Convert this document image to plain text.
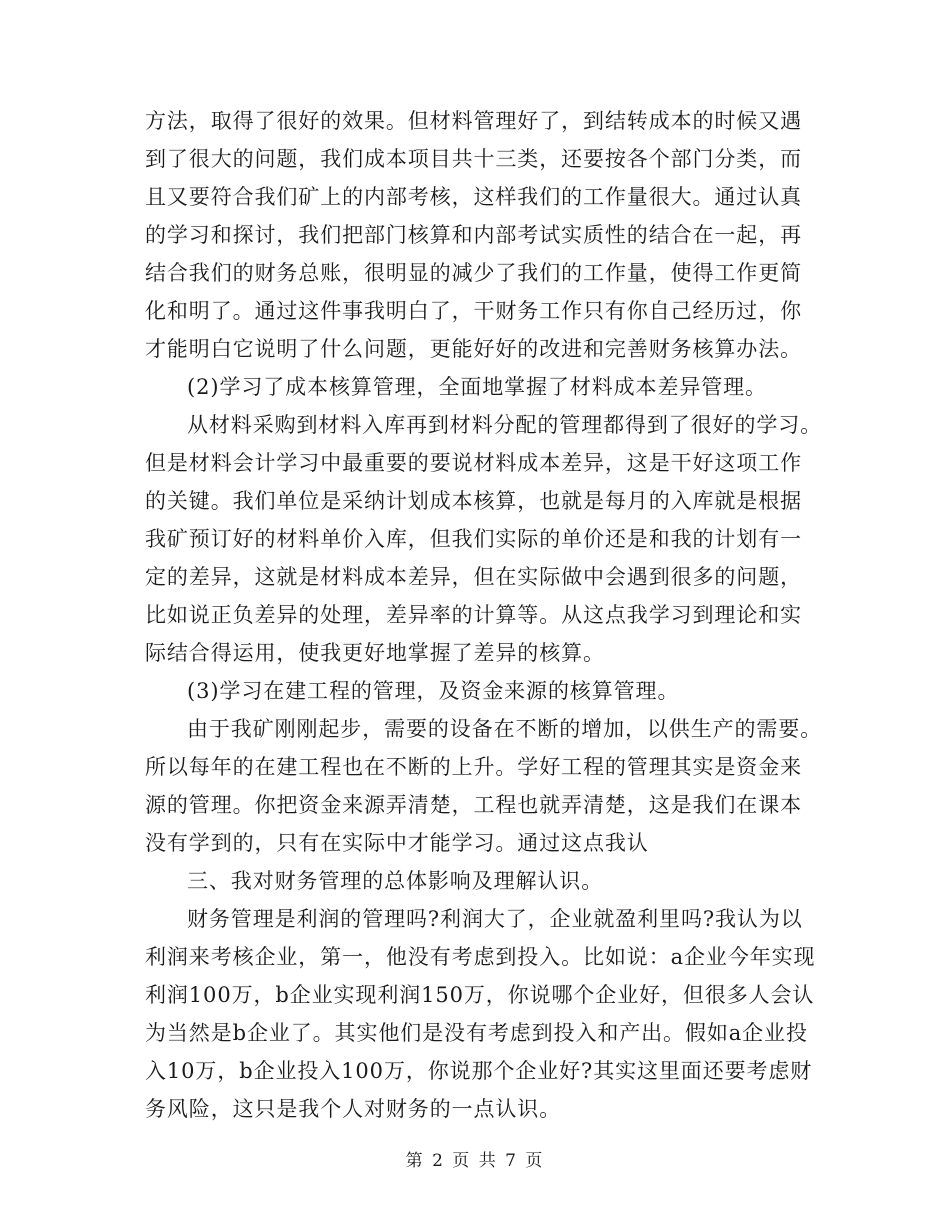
方法，取得了很好的效果。但材料管理好了，到结转成本的时候又遇
到了很大的问题，我们成本项目共十三类，还要按各个部门分类，而
且又要符合我们矿上的内部考核，这样我们的工作量很大。通过认真
的学习和探讨，我们把部门核算和内部考试实质性的结合在一起，再
结合我们的财务总账，很明显的减少了我们的工作量，使得工作更简
化和明了。通过这件事我明白了，干财务工作只有你自己经历过，你
才能明白它说明了什么问题，更能好好的改进和完善财务核算办法。
(2)学习了成本核算管理，全面地掌握了材料成本差异管理。
从材料采购到材料入库再到材料分配的管理都得到了很好的学习。
但是材料会计学习中最重要的要说材料成本差异，这是干好这项工作
的关键。我们单位是采纳计划成本核算，也就是每月的入库就是根据
我矿预订好的材料单价入库，但我们实际的单价还是和我的计划有一
定的差异，这就是材料成本差异，但在实际做中会遇到很多的问题，
比如说正负差异的处理，差异率的计算等。从这点我学习到理论和实
际结合得运用，使我更好地掌握了差异的核算。
(3)学习在建工程的管理，及资金来源的核算管理。
由于我矿刚刚起步，需要的设备在不断的增加，以供生产的需要。
所以每年的在建工程也在不断的上升。学好工程的管理其实是资金来
源的管理。你把资金来源弄清楚，工程也就弄清楚，这是我们在课本
没有学到的，只有在实际中才能学习。通过这点我认
三、我对财务管理的总体影响及理解认识。
财务管理是利润的管理吗?利润大了，企业就盈利里吗?我认为以
利润来考核企业，第一，他没有考虑到投入。比如说：a企业今年实现
利润100万，b企业实现利润150万，你说哪个企业好，但很多人会认
为当然是b企业了。其实他们是没有考虑到投入和产出。假如a企业投
入10万，b企业投入100万，你说那个企业好?其实这里面还要考虑财
务风险，这只是我个人对财务的一点认识。
第 2 页 共 7 页
